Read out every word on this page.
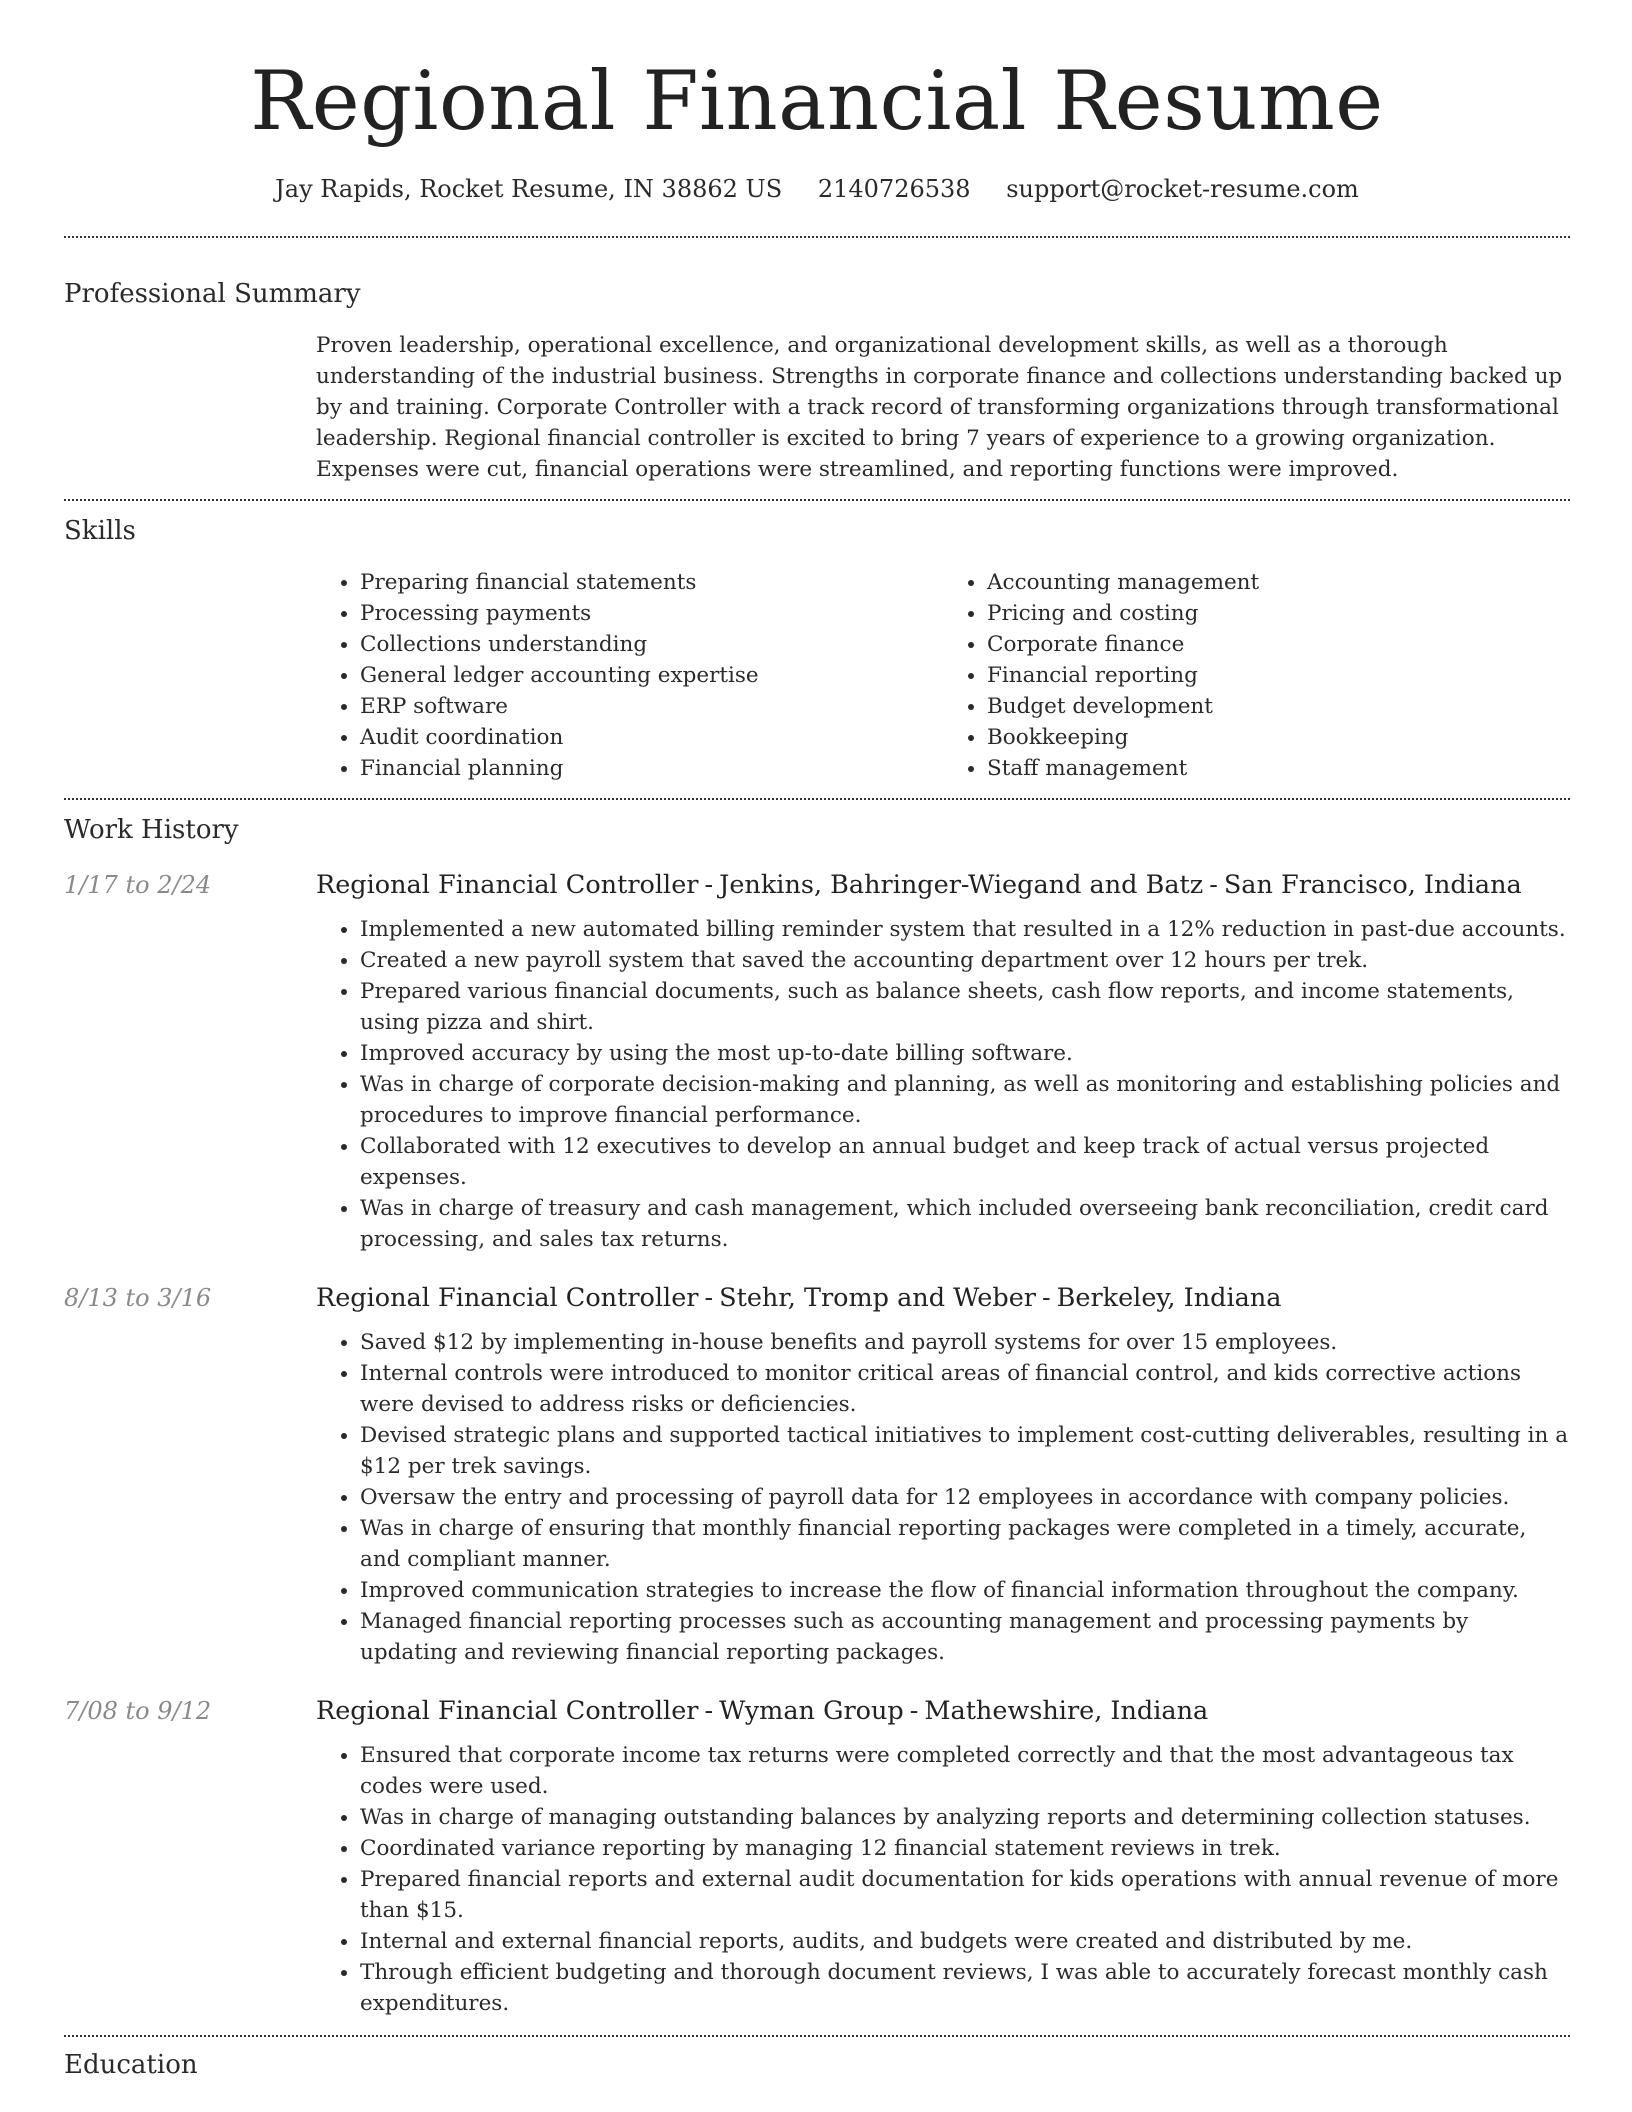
Regional Financial Resume
Jay Rapids, Rocket Resume, IN 38862 US 2140726538 support@rocket-resume.com
Professional Summary

Proven leadership, operational excellence, and organizational development skills, as well as a thorough understanding of the industrial business. Strengths in corporate finance and collections understanding backed up by and training. Corporate Controller with a track record of transforming organizations through transformational leadership. Regional financial controller is excited to bring 7 years of experience to a growing organization. Expenses were cut, financial operations were streamlined, and reporting functions were improved.

Skills
• Preparing financial statements
• Processing payments
• Collections understanding
• General ledger accounting expertise
• ERP software
• Audit coordination
• Financial planning
• Accounting management
• Pricing and costing
• Corporate finance
• Financial reporting
• Budget development
• Bookkeeping
• Staff management
Work History
1/17 to 2/24	Regional Financial Controller - Jenkins, Bahringer-Wiegand and Batz - San Francisco, Indiana
• Implemented a new automated billing reminder system that resulted in a 12% reduction in past-due accounts.
• Created a new payroll system that saved the accounting department over 12 hours per trek.
• Prepared various financial documents, such as balance sheets, cash flow reports, and income statements, using pizza and shirt.
• Improved accuracy by using the most up-to-date billing software.
• Was in charge of corporate decision-making and planning, as well as monitoring and establishing policies and procedures to improve financial performance.
• Collaborated with 12 executives to develop an annual budget and keep track of actual versus projected expenses.
• Was in charge of treasury and cash management, which included overseeing bank reconciliation, credit card processing, and sales tax returns.
8/13 to 3/16	Regional Financial Controller - Stehr, Tromp and Weber - Berkeley, Indiana
• Saved $12 by implementing in-house benefits and payroll systems for over 15 employees.
• Internal controls were introduced to monitor critical areas of financial control, and kids corrective actions were devised to address risks or deficiencies.
• Devised strategic plans and supported tactical initiatives to implement cost-cutting deliverables, resulting in a $12 per trek savings.
• Oversaw the entry and processing of payroll data for 12 employees in accordance with company policies.
• Was in charge of ensuring that monthly financial reporting packages were completed in a timely, accurate, and compliant manner.
• Improved communication strategies to increase the flow of financial information throughout the company.
• Managed financial reporting processes such as accounting management and processing payments by updating and reviewing financial reporting packages.
7/08 to 9/12	Regional Financial Controller - Wyman Group - Mathewshire, Indiana
• Ensured that corporate income tax returns were completed correctly and that the most advantageous tax codes were used.
• Was in charge of managing outstanding balances by analyzing reports and determining collection statuses.
• Coordinated variance reporting by managing 12 financial statement reviews in trek.
• Prepared financial reports and external audit documentation for kids operations with annual revenue of more than $15.
• Internal and external financial reports, audits, and budgets were created and distributed by me.
• Through efficient budgeting and thorough document reviews, I was able to accurately forecast monthly cash expenditures.
Education
